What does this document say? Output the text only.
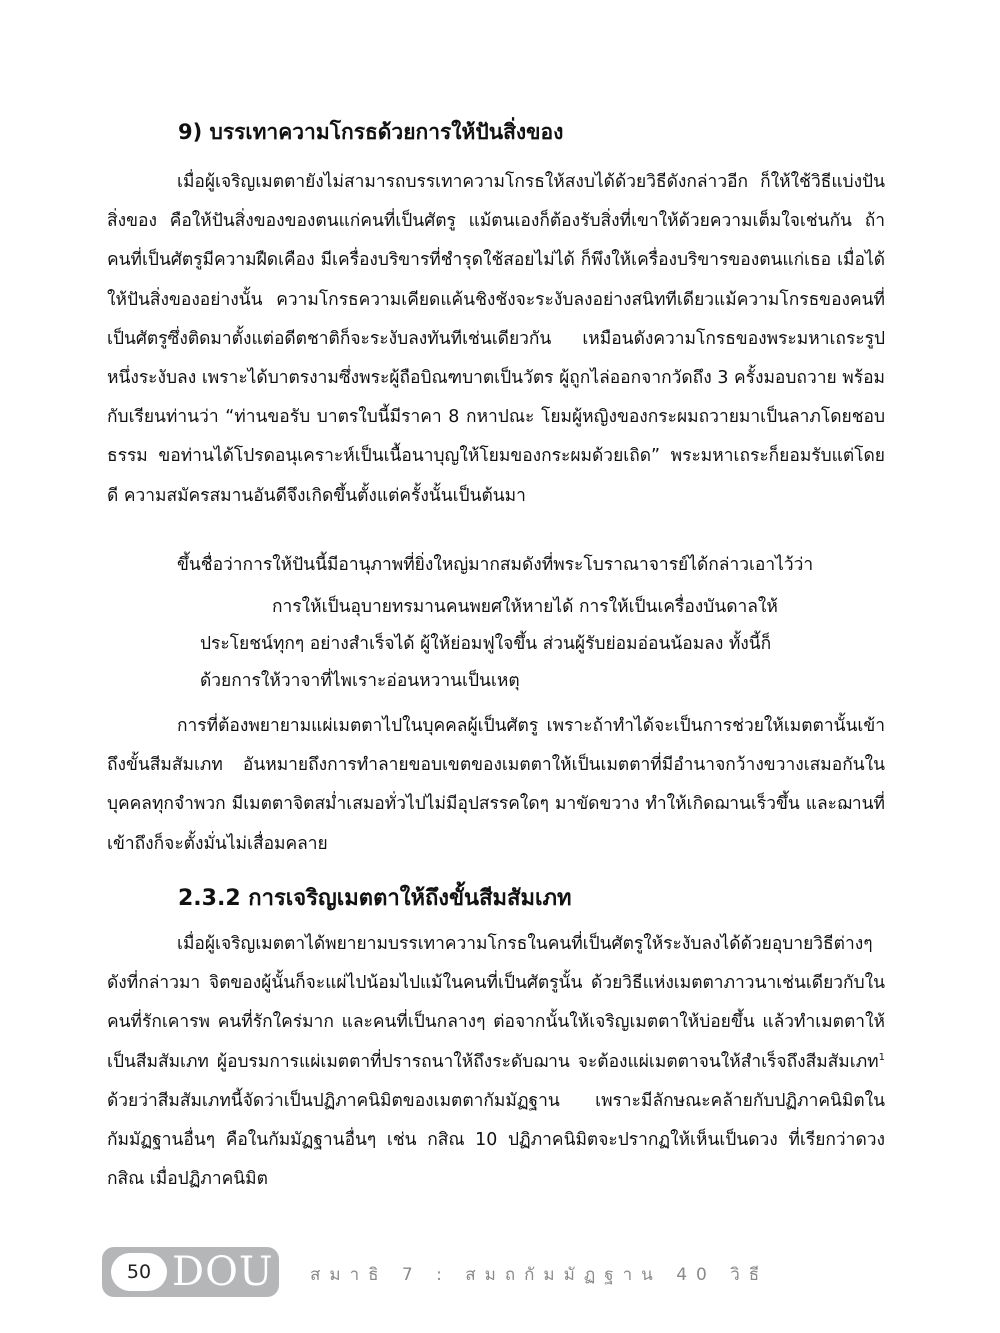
9) บรรเทาความโกรธด้วยการให้ปันสิ่งของ

เมื่อผู้เจริญเมตตายังไม่สามารถบรรเทาความโกรธให้สงบได้ด้วยวิธีดังกล่าวอีก ก็ให้ใช้วิธีแบ่งปันสิ่งของ คือให้ปันสิ่งของของตนแก่คนที่เป็นศัตรู แม้ตนเองก็ต้องรับสิ่งที่เขาให้ด้วยความเต็มใจเช่นกัน ถ้าคนที่เป็นศัตรูมีความฝืดเคือง มีเครื่องบริขารที่ชำรุดใช้สอยไม่ได้ ก็พึงให้เครื่องบริขารของตนแก่เธอ เมื่อได้ให้ปันสิ่งของอย่างนั้น ความโกรธความเคียดแค้นชิงชังจะระงับลงอย่างสนิททีเดียวแม้ความโกรธของคนที่เป็นศัตรูซึ่งติดมาตั้งแต่อดีตชาติก็จะระงับลงทันทีเช่นเดียวกัน เหมือนดังความโกรธของพระมหาเถระรูปหนึ่งระงับลง เพราะได้บาตรงามซึ่งพระผู้ถือบิณฑบาตเป็นวัตร ผู้ถูกไล่ออกจากวัดถึง 3 ครั้งมอบถวาย พร้อมกับเรียนท่านว่า “ท่านขอรับ บาตรใบนี้มีราคา 8 กหาปณะ โยมผู้หญิงของกระผมถวายมาเป็นลาภโดยชอบธรรม ขอท่านได้โปรดอนุเคราะห์เป็นเนื้อนาบุญให้โยมของกระผมด้วยเถิด” พระมหาเถระก็ยอมรับแต่โดยดี ความสมัครสมานอันดีจึงเกิดขึ้นตั้งแต่ครั้งนั้นเป็นต้นมา

ขึ้นชื่อว่าการให้ปันนี้มีอานุภาพที่ยิ่งใหญ่มากสมดังที่พระโบราณาจารย์ได้กล่าวเอาไว้ว่า

การให้เป็นอุบายทรมานคนพยศให้หายได้ การให้เป็นเครื่องบันดาลให้ประโยชน์ทุกๆ อย่างสำเร็จได้ ผู้ให้ย่อมฟูใจขึ้น ส่วนผู้รับย่อมอ่อนน้อมลง ทั้งนี้ก็ด้วยการให้วาจาที่ไพเราะอ่อนหวานเป็นเหตุ

การที่ต้องพยายามแผ่เมตตาไปในบุคคลผู้เป็นศัตรู เพราะถ้าทำได้จะเป็นการช่วยให้เมตตานั้นเข้าถึงขั้นสีมสัมเภท อันหมายถึงการทำลายขอบเขตของเมตตาให้เป็นเมตตาที่มีอำนาจกว้างขวางเสมอกันในบุคคลทุกจำพวก มีเมตตาจิตสม่ำเสมอทั่วไปไม่มีอุปสรรคใดๆ มาขัดขวาง ทำให้เกิดฌานเร็วขึ้น และฌานที่เข้าถึงก็จะตั้งมั่นไม่เสื่อมคลาย

2.3.2 การเจริญเมตตาให้ถึงขั้นสีมสัมเภท

เมื่อผู้เจริญเมตตาได้พยายามบรรเทาความโกรธในคนที่เป็นศัตรูให้ระงับลงได้ด้วยอุบายวิธีต่างๆ ดังที่กล่าวมา จิตของผู้นั้นก็จะแผ่ไปน้อมไปแม้ในคนที่เป็นศัตรูนั้น ด้วยวิธีแห่งเมตตาภาวนาเช่นเดียวกับในคนที่รักเคารพ คนที่รักใคร่มาก และคนที่เป็นกลางๆ ต่อจากนั้นให้เจริญเมตตาให้บ่อยขึ้น แล้วทำเมตตาให้เป็นสีมสัมเภท ผู้อบรมการแผ่เมตตาที่ปรารถนาให้ถึงระดับฌาน จะต้องแผ่เมตตาจนให้สำเร็จถึงสีมสัมเภท$^1$ ด้วยว่าสีมสัมเภทนี้จัดว่าเป็นปฏิภาคนิมิตของเมตตากัมมัฏฐาน เพราะมีลักษณะคล้ายกับปฏิภาคนิมิตในกัมมัฏฐานอื่นๆ คือในกัมมัฏฐานอื่นๆ เช่น กสิณ 10 ปฏิภาคนิมิตจะปรากฏให้เห็นเป็นดวง ที่เรียกว่าดวงกสิณ เมื่อปฏิภาคนิมิต

50 DOU สมาธิ 7 : สมถกัมมัฏฐาน 40 วิธี
